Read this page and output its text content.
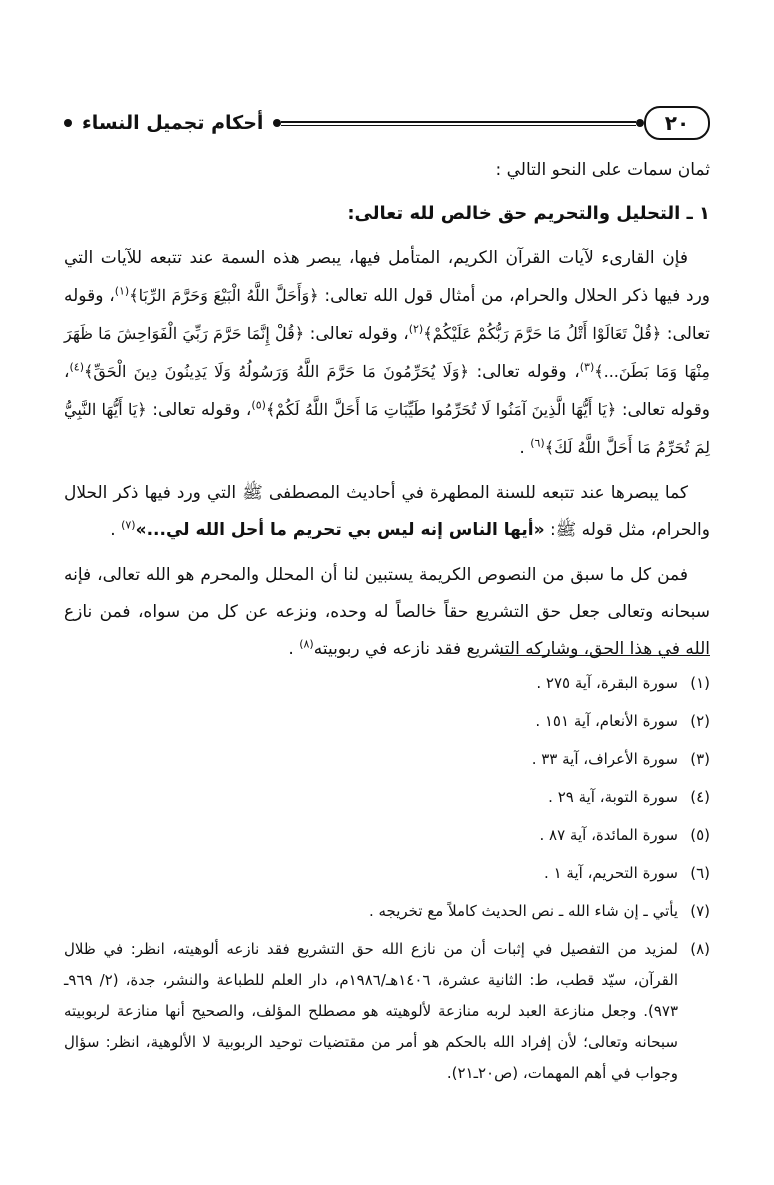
٢٠
أحكام تجميل النساء

ثمان سمات على النحو التالي :

١ ـ التحليل والتحريم حق خالص لله تعالى:

فإن القارىء لآيات القرآن الكريم، المتأمل فيها، يبصر هذه السمة عند تتبعه للآيات التي ورد فيها ذكر الحلال والحرام، من أمثال قول الله تعالى: ﴿وَأَحَلَّ اللَّهُ الْبَيْعَ وَحَرَّمَ الرِّبَا﴾$^{(١)}$، وقوله تعالى: ﴿قُلْ تَعَالَوْا أَتْلُ مَا حَرَّمَ رَبُّكُمْ عَلَيْكُمْ﴾$^{(٢)}$، وقوله تعالى: ﴿قُلْ إِنَّمَا حَرَّمَ رَبِّيَ الْفَوَاحِشَ مَا ظَهَرَ مِنْهَا وَمَا بَطَنَ...﴾$^{(٣)}$، وقوله تعالى: ﴿وَلَا يُحَرِّمُونَ مَا حَرَّمَ اللَّهُ وَرَسُولُهُ وَلَا يَدِينُونَ دِينَ الْحَقِّ﴾$^{(٤)}$، وقوله تعالى: ﴿يَا أَيُّهَا الَّذِينَ آمَنُوا لَا تُحَرِّمُوا طَيِّبَاتِ مَا أَحَلَّ اللَّهُ لَكُمْ﴾$^{(٥)}$، وقوله تعالى: ﴿يَا أَيُّهَا النَّبِيُّ لِمَ تُحَرِّمُ مَا أَحَلَّ اللَّهُ لَكَ﴾$^{(٦)}$ .

كما يبصرها عند تتبعه للسنة المطهرة في أحاديث المصطفى ﷺ التي ورد فيها ذكر الحلال والحرام، مثل قوله ﷺ: «أيها الناس إنه ليس بي تحريم ما أحل الله لي...»$^{(٧)}$ .

فمن كل ما سبق من النصوص الكريمة يستبين لنا أن المحلل والمحرم هو الله تعالى، فإنه سبحانه وتعالى جعل حق التشريع حقاً خالصاً له وحده، ونزعه عن كل من سواه، فمن نازع الله في هذا الحق، وشاركه التشريع فقد نازعه في ربوبيته$^{(٨)}$ .

(١)
سورة البقرة، آية ٢٧٥ .
(٢)
سورة الأنعام، آية ١٥١ .
(٣)
سورة الأعراف، آية ٣٣ .
(٤)
سورة التوبة، آية ٢٩ .
(٥)
سورة المائدة، آية ٨٧ .
(٦)
سورة التحريم، آية ١ .
(٧)
يأتي ـ إن شاء الله ـ نص الحديث كاملاً مع تخريجه .
(٨)
لمزيد من التفصيل في إثبات أن من نازع الله حق التشريع فقد نازعه ألوهيته، انظر: في ظلال القرآن، سيّد قطب، ط: الثانية عشرة، ١٤٠٦هـ/١٩٨٦م، دار العلم للطباعة والنشر، جدة، (٢/ ٩٦٩ـ ٩٧٣). وجعل منازعة العبد لربه منازعة لألوهيته هو مصطلح المؤلف، والصحيح أنها منازعة لربوبيته سبحانه وتعالى؛ لأن إفراد الله بالحكم هو أمر من مقتضيات توحيد الربوبية لا الألوهية، انظر: سؤال وجواب في أهم المهمات، (ص٢٠ـ٢١).
